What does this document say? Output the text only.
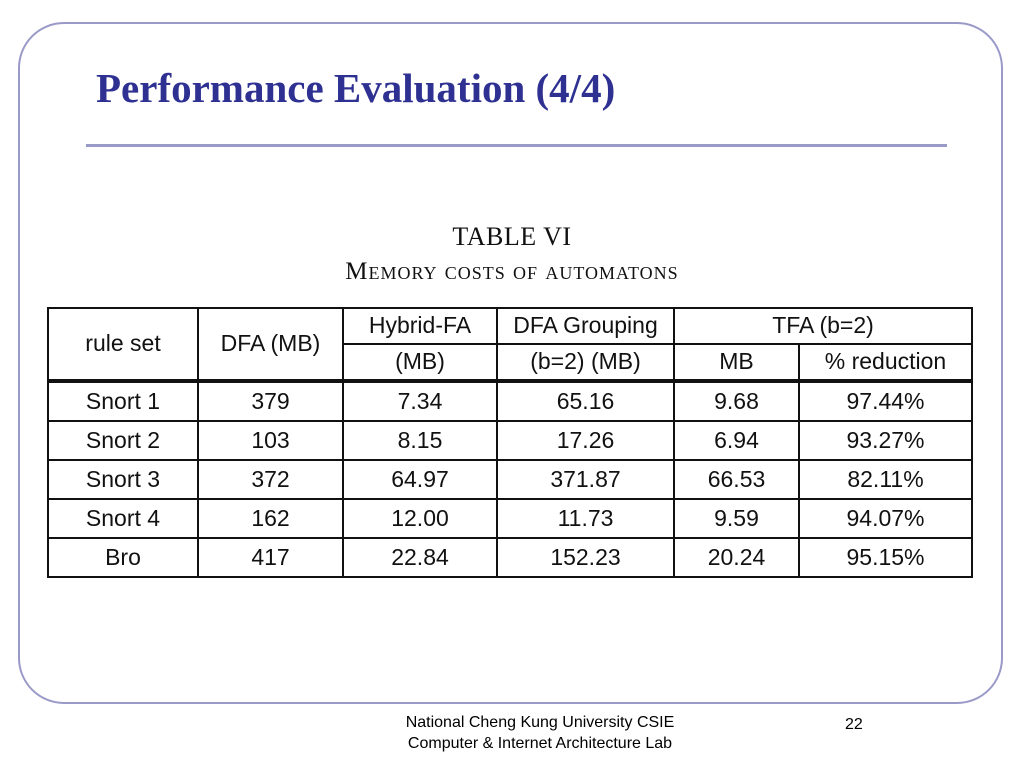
Performance Evaluation (4/4)
TABLE VI
Memory costs of automatons
rule set	DFA (MB)	Hybrid-FA	DFA Grouping	TFA (b=2)	
		(MB)	(b=2) (MB)	MB	% reduction
Snort 1	379	7.34	65.16	9.68	97.44%
Snort 2	103	8.15	17.26	6.94	93.27%
Snort 3	372	64.97	371.87	66.53	82.11%
Snort 4	162	12.00	11.73	9.59	94.07%
Bro	417	22.84	152.23	20.24	95.15%
National Cheng Kung University CSIE
Computer & Internet Architecture Lab
22
